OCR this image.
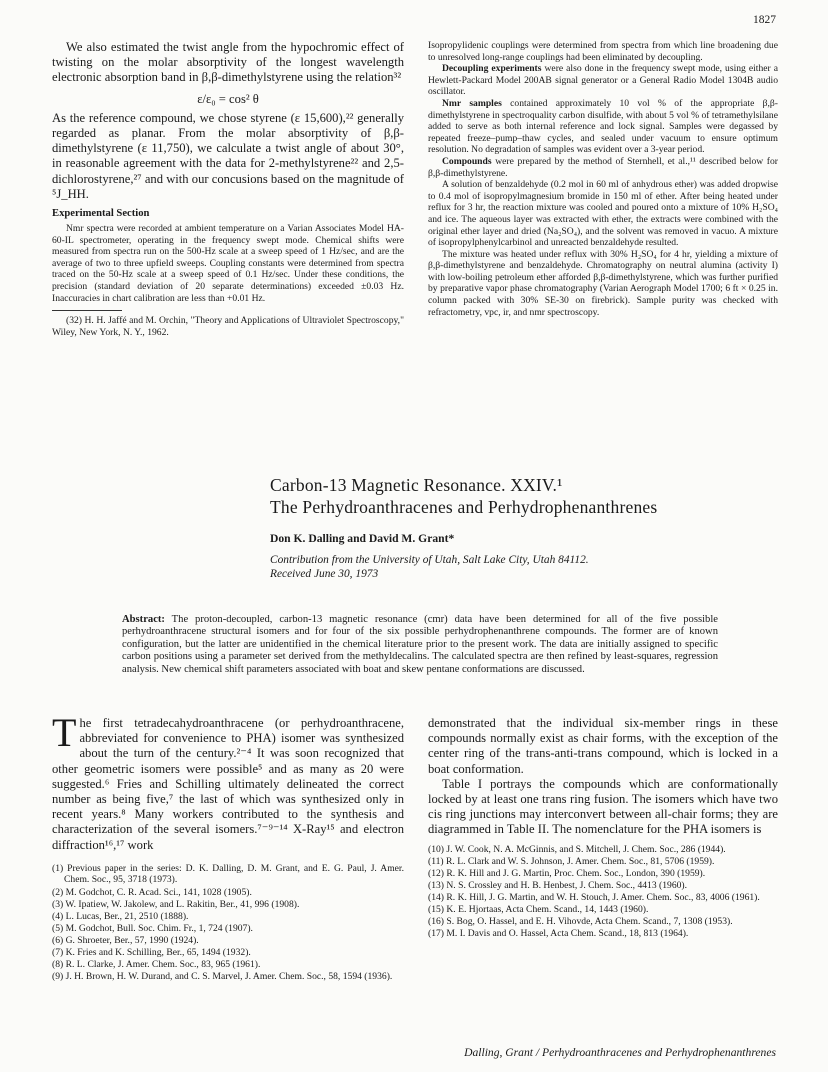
1827

We also estimated the twist angle from the hypochromic effect of twisting on the molar absorptivity of the longest wavelength electronic absorption band in β,β-dimethylstyrene using the relation³²

ε/ε₀ = cos² θ

As the reference compound, we chose styrene (ε 15,600),²² generally regarded as planar. From the molar absorptivity of β,β-dimethylstyrene (ε 11,750), we calculate a twist angle of about 30°, in reasonable agreement with the data for 2-methylstyrene²² and 2,5-dichlorostyrene,²⁷ and with our concusions based on the magnitude of ⁵J_HH.

Experimental Section

Nmr spectra were recorded at ambient temperature on a Varian Associates Model HA-60-IL spectrometer, operating in the frequency swept mode. Chemical shifts were measured from spectra run on the 500-Hz scale at a sweep speed of 1 Hz/sec, and are the average of two to three upfield sweeps. Coupling constants were determined from spectra traced on the 50-Hz scale at a sweep speed of 0.1 Hz/sec. Under these conditions, the precision (standard deviation of 20 separate determinations) exceeded ±0.03 Hz. Inaccuracies in chart calibration are less than +0.01 Hz.

(32) H. H. Jaffé and M. Orchin, "Theory and Applications of Ultraviolet Spectroscopy," Wiley, New York, N. Y., 1962.

Isopropylidenic couplings were determined from spectra from which line broadening due to unresolved long-range couplings had been eliminated by decoupling.

Decoupling experiments were also done in the frequency swept mode, using either a Hewlett-Packard Model 200AB signal generator or a General Radio Model 1304B audio oscillator.

Nmr samples contained approximately 10 vol % of the appropriate β,β-dimethylstyrene in spectroquality carbon disulfide, with about 5 vol % of tetramethylsilane added to serve as both internal reference and lock signal. Samples were degassed by repeated freeze–pump–thaw cycles, and sealed under vacuum to ensure optimum resolution. No degradation of samples was evident over a 3-year period.

Compounds were prepared by the method of Sternhell, et al.,¹¹ described below for β,β-dimethylstyrene.

A solution of benzaldehyde (0.2 mol in 60 ml of anhydrous ether) was added dropwise to 0.4 mol of isopropylmagnesium bromide in 150 ml of ether. After being heated under reflux for 3 hr, the reaction mixture was cooled and poured onto a mixture of 10% H₂SO₄ and ice. The aqueous layer was extracted with ether, the extracts were combined with the original ether layer and dried (Na₂SO₄), and the solvent was removed in vacuo. A mixture of isopropylphenylcarbinol and unreacted benzaldehyde resulted.

The mixture was heated under reflux with 30% H₂SO₄ for 4 hr, yielding a mixture of β,β-dimethylstyrene and benzaldehyde. Chromatography on neutral alumina (activity I) with low-boiling petroleum ether afforded β,β-dimethylstyrene, which was further purified by preparative vapor phase chromatography (Varian Aerograph Model 1700; 6 ft × 0.25 in. column packed with 30% SE-30 on firebrick). Sample purity was checked with refractometry, vpc, ir, and nmr spectroscopy.

Carbon-13 Magnetic Resonance. XXIV.¹
The Perhydroanthracenes and Perhydrophenanthrenes
Don K. Dalling and David M. Grant*
Contribution from the University of Utah, Salt Lake City, Utah 84112.
Received June 30, 1973
Abstract: The proton-decoupled, carbon-13 magnetic resonance (cmr) data have been determined for all of the five possible perhydroanthracene structural isomers and for four of the six possible perhydrophenanthrene compounds. The former are of known configuration, but the latter are unidentified in the chemical literature prior to the present work. The data are initially assigned to specific carbon positions using a parameter set derived from the methyldecalins. The calculated spectra are then refined by least-squares, regression analysis. New chemical shift parameters associated with boat and skew pentane conformations are discussed.

The first tetradecahydroanthracene (or perhydroanthracene, abbreviated for convenience to PHA) isomer was synthesized about the turn of the century.²⁻⁴ It was soon recognized that other geometric isomers were possible⁵ and as many as 20 were suggested.⁶ Fries and Schilling ultimately delineated the correct number as being five,⁷ the last of which was synthesized only in recent years.⁸ Many workers contributed to the synthesis and characterization of the several isomers.⁷⁻⁹⁻¹⁴ X-Ray¹⁵ and electron diffraction¹⁶,¹⁷ work

(1) Previous paper in the series: D. K. Dalling, D. M. Grant, and E. G. Paul, J. Amer. Chem. Soc., 95, 3718 (1973).
(2) M. Godchot, C. R. Acad. Sci., 141, 1028 (1905).
(3) W. Ipatiew, W. Jakolew, and L. Rakitin, Ber., 41, 996 (1908).
(4) L. Lucas, Ber., 21, 2510 (1888).
(5) M. Godchot, Bull. Soc. Chim. Fr., 1, 724 (1907).
(6) G. Shroeter, Ber., 57, 1990 (1924).
(7) K. Fries and K. Schilling, Ber., 65, 1494 (1932).
(8) R. L. Clarke, J. Amer. Chem. Soc., 83, 965 (1961).
(9) J. H. Brown, H. W. Durand, and C. S. Marvel, J. Amer. Chem. Soc., 58, 1594 (1936).

demonstrated that the individual six-member rings in these compounds normally exist as chair forms, with the exception of the center ring of the trans-anti-trans compound, which is locked in a boat conformation.

Table I portrays the compounds which are conformationally locked by at least one trans ring fusion. The isomers which have two cis ring junctions may interconvert between all-chair forms; they are diagrammed in Table II. The nomenclature for the PHA isomers is

(10) J. W. Cook, N. A. McGinnis, and S. Mitchell, J. Chem. Soc., 286 (1944).
(11) R. L. Clark and W. S. Johnson, J. Amer. Chem. Soc., 81, 5706 (1959).
(12) R. K. Hill and J. G. Martin, Proc. Chem. Soc., London, 390 (1959).
(13) N. S. Crossley and H. B. Henbest, J. Chem. Soc., 4413 (1960).
(14) R. K. Hill, J. G. Martin, and W. H. Stouch, J. Amer. Chem. Soc., 83, 4006 (1961).
(15) K. E. Hjortaas, Acta Chem. Scand., 14, 1443 (1960).
(16) S. Bog, O. Hassel, and E. H. Vihovde, Acta Chem. Scand., 7, 1308 (1953).
(17) M. I. Davis and O. Hassel, Acta Chem. Scand., 18, 813 (1964).
Dalling, Grant / Perhydroanthracenes and Perhydrophenanthrenes
